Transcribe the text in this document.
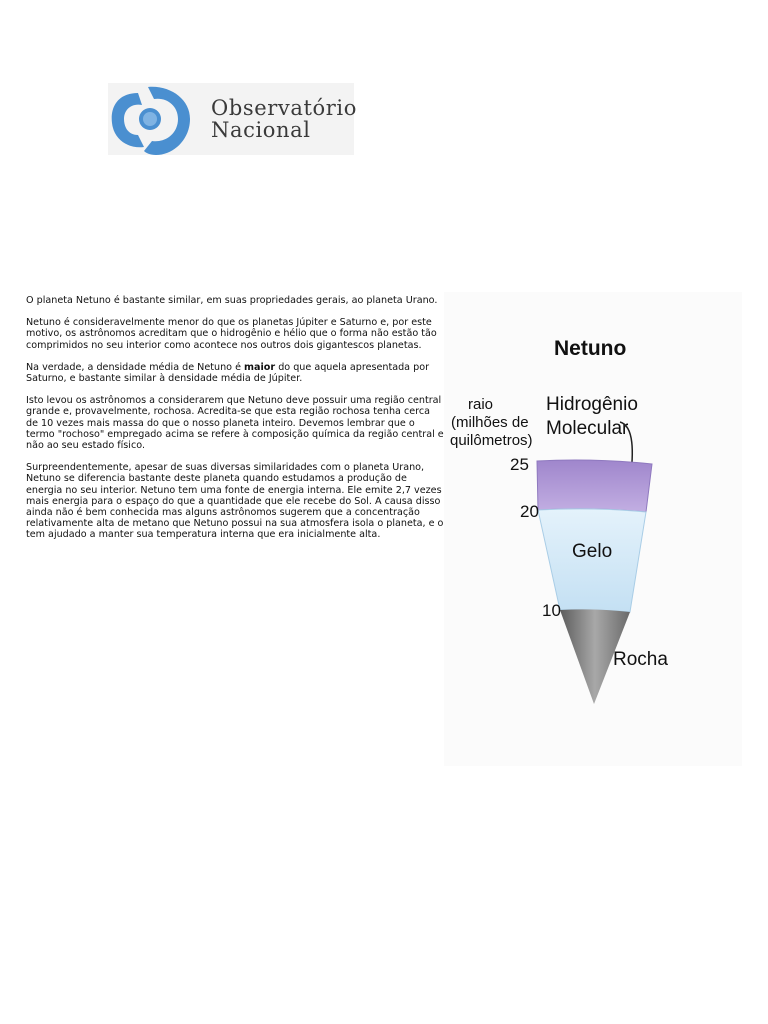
Observatório
Nacional

O planeta Netuno é bastante similar, em suas propriedades gerais, ao planeta Urano.

Netuno é consideravelmente menor do que os planetas Júpiter e Saturno e, por este motivo, os astrônomos acreditam que o hidrogênio e hélio que o forma não estão tão comprimidos no seu interior como acontece nos outros dois gigantescos planetas.

Na verdade, a densidade média de Netuno é maior do que aquela apresentada por Saturno, e bastante similar à densidade média de Júpiter.

Isto levou os astrônomos a considerarem que Netuno deve possuir uma região central grande e, provavelmente, rochosa. Acredita-se que esta região rochosa tenha cerca de 10 vezes mais massa do que o nosso planeta inteiro. Devemos lembrar que o termo "rochoso" empregado acima se refere à composição química da região central e não ao seu estado físico.

Surpreendentemente, apesar de suas diversas similaridades com o planeta Urano, Netuno se diferencia bastante deste planeta quando estudamos a produção de energia no seu interior. Netuno tem uma fonte de energia interna. Ele emite 2,7 vezes mais energia para o espaço do que a quantidade que ele recebe do Sol. A causa disso ainda não é bem conhecida mas alguns astrônomos sugerem que a concentração relativamente alta de metano que Netuno possui na sua atmosfera isola o planeta, e o tem ajudado a manter sua temperatura interna que era inicialmente alta.

Netuno
raio
(milhões de
quilômetros)
Hidrogênio
Molecular
Gelo
Rocha
25
20
10
